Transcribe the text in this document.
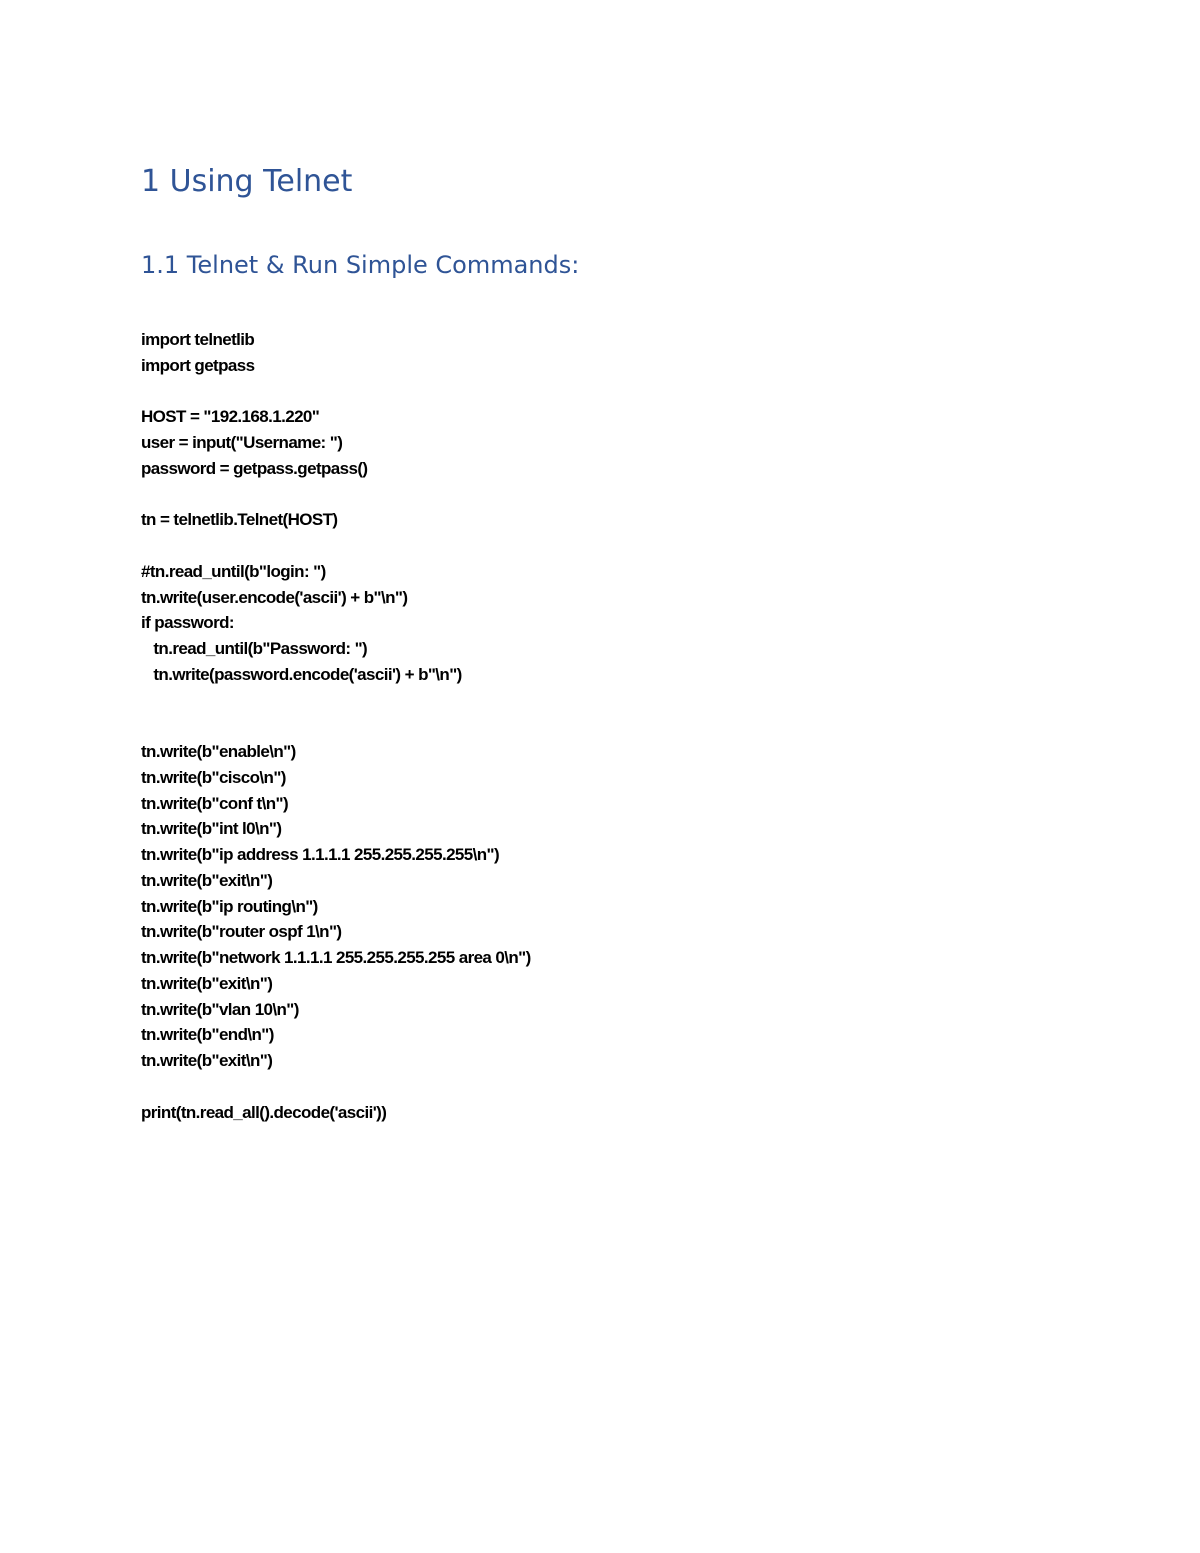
1 Using Telnet
1.1 Telnet & Run Simple Commands:
import telnetlib
import getpass
HOST = "192.168.1.220"
user = input("Username: ")
password = getpass.getpass()
tn = telnetlib.Telnet(HOST)
#tn.read_until(b"login: ")
tn.write(user.encode('ascii') + b"\n")
if password:
tn.read_until(b"Password: ")
tn.write(password.encode('ascii') + b"\n")
tn.write(b"enable\n")
tn.write(b"cisco\n")
tn.write(b"conf t\n")
tn.write(b"int l0\n")
tn.write(b"ip address 1.1.1.1 255.255.255.255\n")
tn.write(b"exit\n")
tn.write(b"ip routing\n")
tn.write(b"router ospf 1\n")
tn.write(b"network 1.1.1.1 255.255.255.255 area 0\n")
tn.write(b"exit\n")
tn.write(b"vlan 10\n")
tn.write(b"end\n")
tn.write(b"exit\n")
print(tn.read_all().decode('ascii'))
